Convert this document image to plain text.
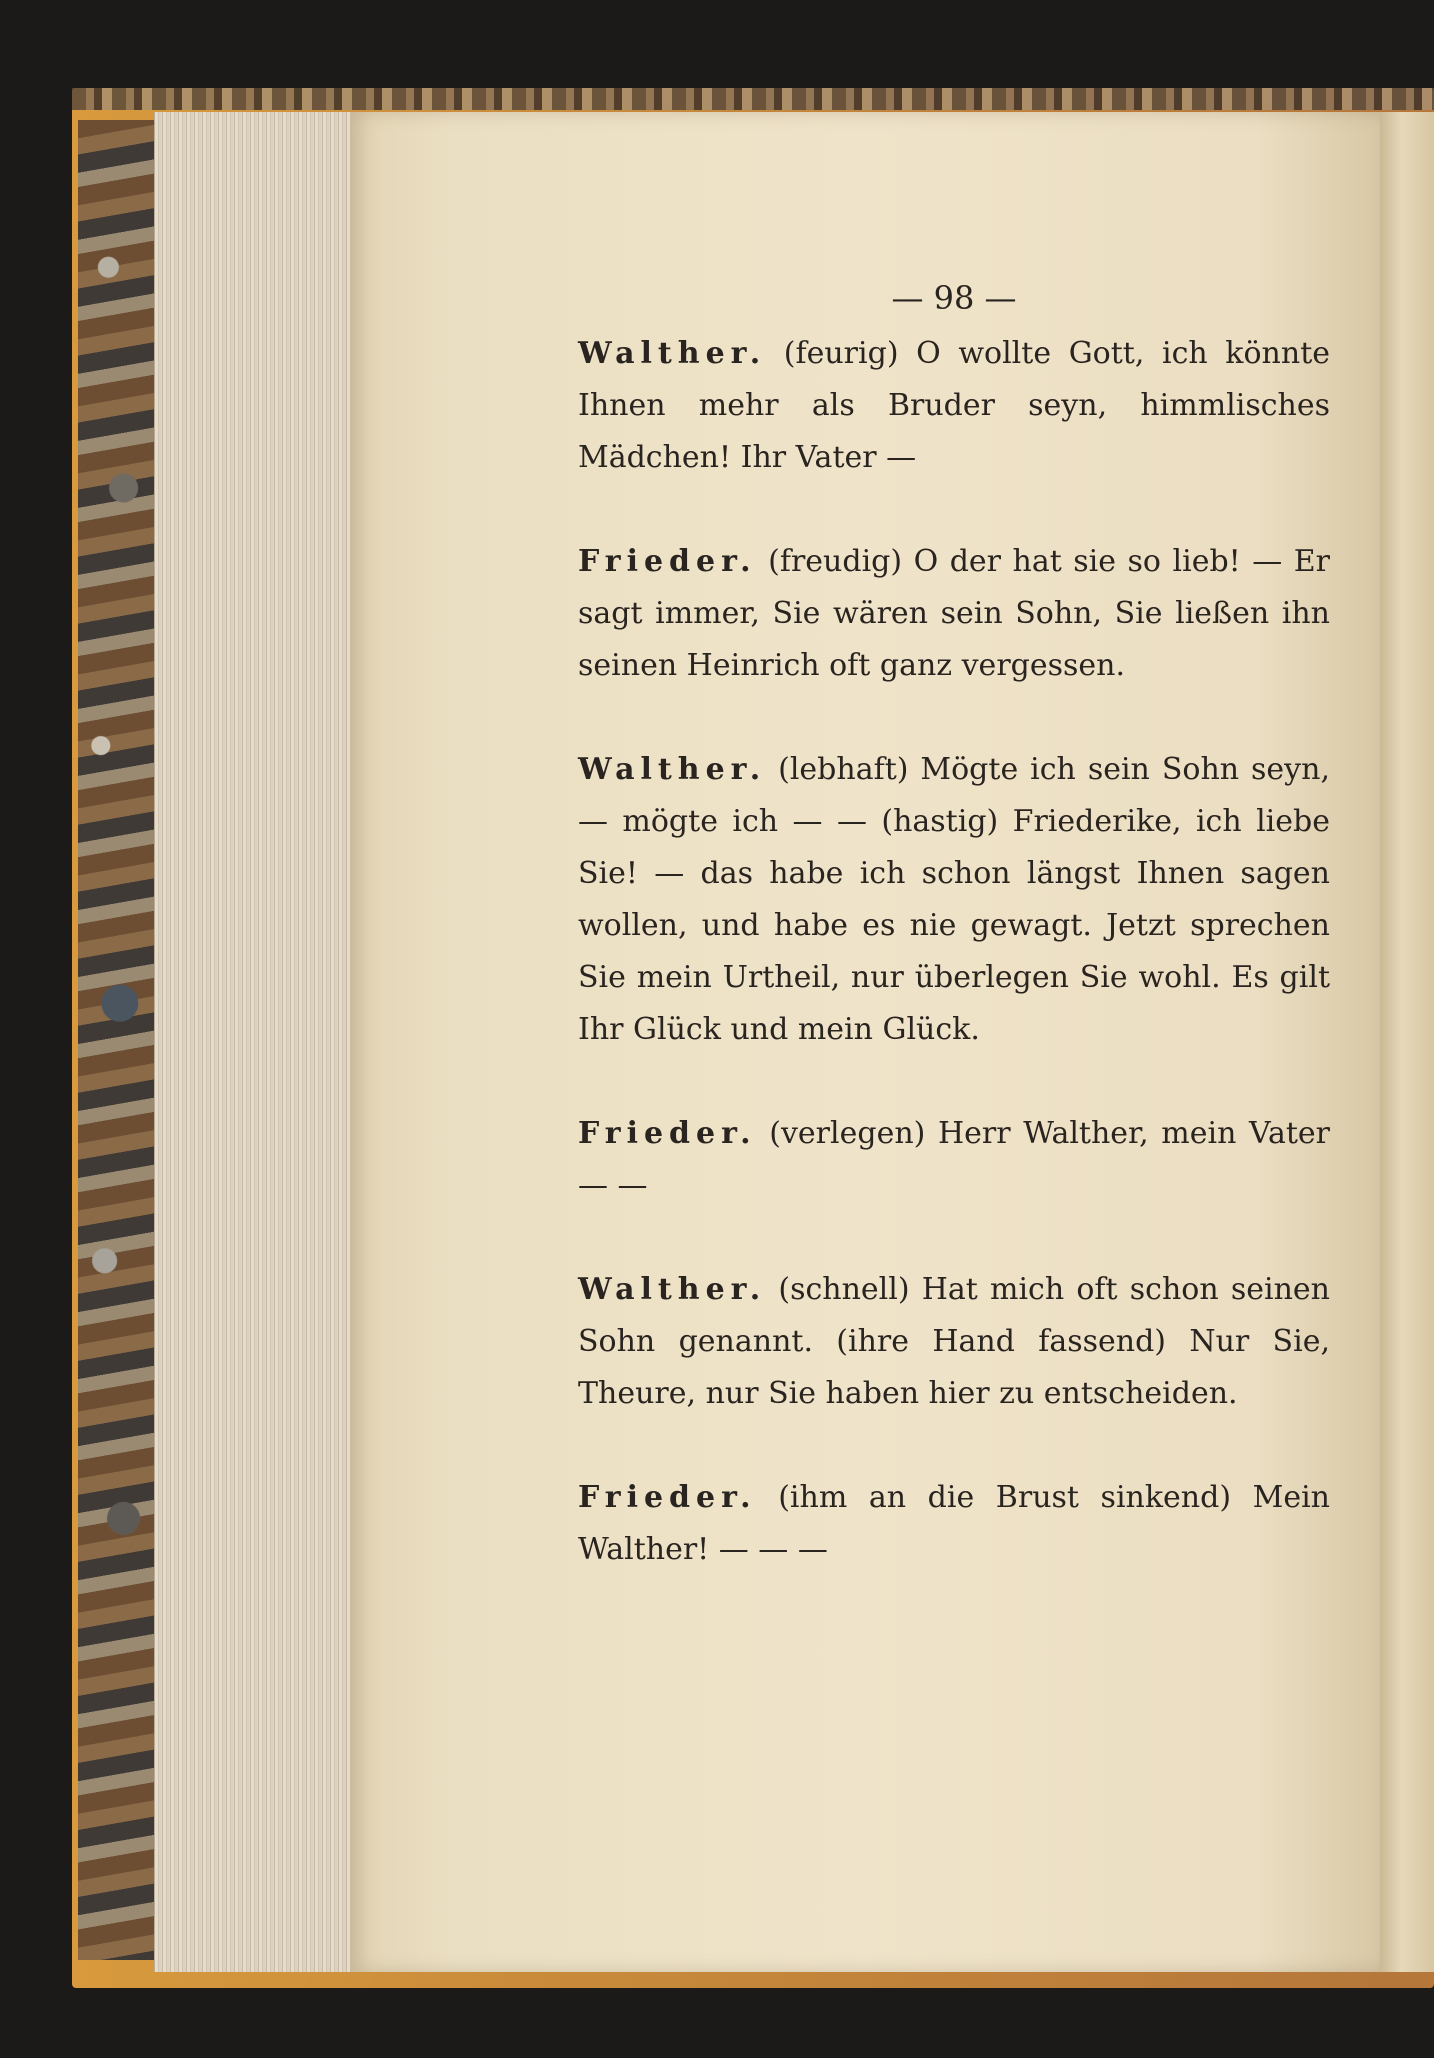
— 98 —

Walther. (feurig) O wollte Gott, ich könnte Ihnen mehr als Bruder seyn, himmlisches Mädchen! Ihr Vater —

Frieder. (freudig) O der hat sie so lieb! — Er sagt immer, Sie wären sein Sohn, Sie ließen ihn seinen Heinrich oft ganz vergessen.

Walther. (lebhaft) Mögte ich sein Sohn seyn, — mögte ich — — (hastig) Friederike, ich liebe Sie! — das habe ich schon längst Ihnen sagen wollen, und habe es nie gewagt. Jetzt sprechen Sie mein Urtheil, nur überlegen Sie wohl. Es gilt Ihr Glück und mein Glück.

Frieder. (verlegen) Herr Walther, mein Vater — —

Walther. (schnell) Hat mich oft schon seinen Sohn genannt. (ihre Hand fassend) Nur Sie, Theure, nur Sie haben hier zu entscheiden.

Frieder. (ihm an die Brust sinkend) Mein Walther! — — —
